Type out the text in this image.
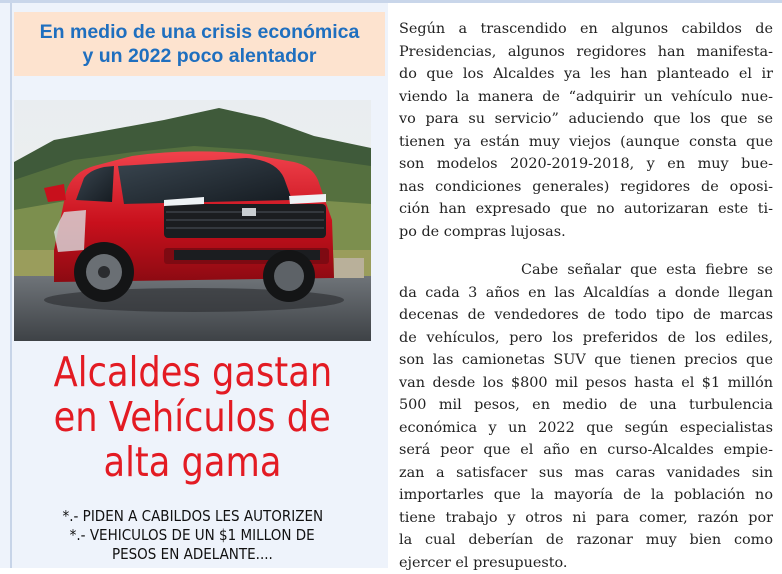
En medio de una crisis económica
y un 2022 poco alentador
Alcaldes gastan
en Vehículos de
alta gama
*.- PIDEN A CABILDOS LES AUTORIZEN
*.- VEHICULOS DE UN $1 MILLON DE
PESOS EN ADELANTE....
Según a trascendido en algunos cabildos de
Presidencias, algunos regidores han manifesta-
do que los Alcaldes ya les han planteado el ir
viendo la manera de “adquirir un vehículo nue-
vo para su servicio” aduciendo que los que se
tienen ya están muy viejos (aunque consta que
son modelos 2020-2019-2018, y en muy bue-
nas condiciones generales) regidores de oposi-
ción han expresado que no autorizaran este ti-
po de compras lujosas.
Cabe señalar que esta fiebre se
da cada 3 años en las Alcaldías a donde llegan
decenas de vendedores de todo tipo de marcas
de vehículos, pero los preferidos de los ediles,
son las camionetas SUV que tienen precios que
van desde los $800 mil pesos hasta el $1 millón
500 mil pesos, en medio de una turbulencia
económica y un 2022 que según especialistas
será peor que el año en curso-Alcaldes empie-
zan a satisfacer sus mas caras vanidades sin
importarles que la mayoría de la población no
tiene trabajo y otros ni para comer, razón por
la cual deberían de razonar muy bien como
ejercer el presupuesto.
